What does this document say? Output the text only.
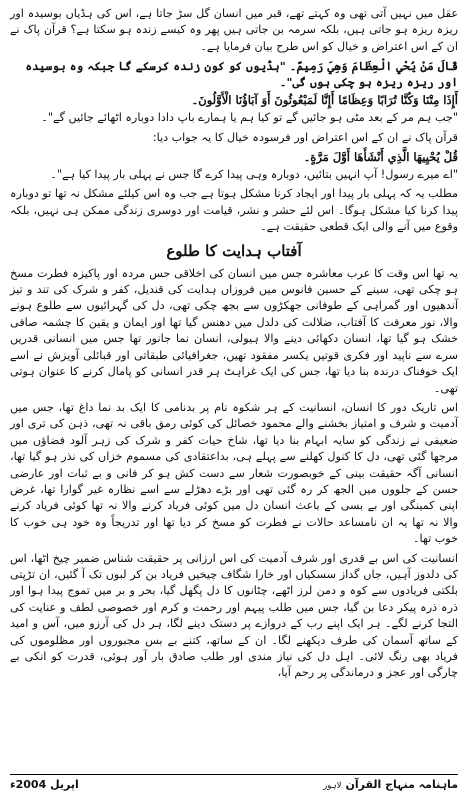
عقل میں نہیں آتی تھی وہ کہتے تھے، قبر میں انسان گل سڑ جاتا ہے، اس کی ہڈیاں بوسیدہ اور ریزہ ریزہ ہو جاتی ہیں، بلکہ سرمہ بن جاتی ہیں پھر وہ کیسے زندہ ہو سکتا ہے؟ قرآن پاک نے ان کے اس اعتراض و خیال کو اس طرح بیان فرمایا ہے۔

قَالَ مَنْ يُحْيِ الْعِظَامَ وَهِيَ رَمِيمٌ۔ "ہڈیوں کو کون زندہ کرسکے گا جبکہ وہ بوسیدہ اور ریزہ ریزہ ہو چکی ہوں گی"۔

أَإِذَا مِتْنَا وَكُنَّا تُرَابًا وَعِظَامًا أَإِنَّا لَمَبْعُوثُونَ أَوَ آبَاؤُنَا الْأَوَّلُونَ۔

"جب ہم مر کے بعد مٹی ہو جائیں گے تو کیا ہم یا ہمارے باپ دادا دوبارہ اٹھائے جائیں گے"۔

قرآن پاک نے ان کے اس اعتراض اور فرسودہ خیال کا یہ جواب دیا:

قُلْ يُحْيِيهَا الَّذِي أَنْشَأَهَا أَوَّلَ مَرَّةٍ۔

"اے میرے رسول! آپ انہیں بتائیں، دوبارہ وہی پیدا کرے گا جس نے پہلی بار پیدا کیا ہے"۔

مطلب یہ کہ پہلی بار پیدا اور ایجاد کرنا مشکل ہوتا ہے جب وہ اس کیلئے مشکل نہ تھا تو دوبارہ پیدا کرنا کیا مشکل ہوگا۔ اس لئے حشر و نشر، قیامت اور دوسری زندگی ممکن ہی نہیں، بلکہ وقوع میں آنے والی ایک قطعی حقیقت ہے۔

آفتاب ہدایت کا طلوع

یہ تھا اس وقت کا عرب معاشرہ جس میں انسان کی اخلاقی حس مردہ اور پاکیزہ فطرت مسخ ہو چکی تھی، سینے کے حسین فانوس میں فروزاں ہدایت کی قندیل، کفر و شرک کی تند و تیز آندھیوں اور گمراہی کے طوفانی جھکڑوں سے بجھ چکی تھی، دل کی گہرائیوں سے طلوع ہونے والا، نور معرفت کا آفتاب، ضلالت کی دلدل میں دھنس گیا تھا اور ایمان و یقین کا چشمہ صافی خشک ہو گیا تھا، انسان دکھائی دینے والا ہیولی، انسان نما جانور تھا جس میں انسانی قدریں سرے سے ناپید اور فکری قوتیں یکسر مفقود تھیں، جغرافیائی طبقاتی اور قبائلی آویزش نے اسے ایک خوفناک درندہ بنا دیا تھا، جس کی ایک غراہٹ ہر قدر انسانی کو پامال کرنے کا عنوان ہوتی تھی۔

اس تاریک دور کا انسان، انسانیت کے ہر شکوہ نام پر بدنامی کا ایک بد نما داغ تھا، جس میں آدمیت و شرف و امتیاز بخشنے والے محمود خصائل کی کوئی رمق باقی نہ تھی، ذہن کی تری اور ضعیفی نے زندگی کو سایہ ابہام بنا دیا تھا، شاخ حیات کفر و شرک کی زہر آلود فضاؤں میں مرجھا گئی تھی، دل کا کنول کھلنے سے پہلے ہی، بداعتقادی کی مسموم خزاں کی نذر ہو گیا تھا، انسانی آگہ حقیقت بینی کے خوبصورت شعار سے دست کش ہو کر فانی و بے ثبات اور عارضی حسن کے جلووں میں الجھ کر رہ گئی تھی اور بڑے دھڑلے سے اسے نظارہ غیر گوارا تھا، غرض اپنی کمینگی اور بے بسی کے باعث انسان دل میں کوئی فریاد کرنے والا نہ تھا کوئی فریاد کرنے والا نہ تھا یہ ان نامساعد حالات نے فطرت کو مسخ کر دیا تھا اور تدریجاً وہ خود ہی خوب کا خوب تھا۔

انسانیت کی اس بے قدری اور شرف آدمیت کی اس ارزانی پر حقیقت شناس ضمیر چیخ اٹھا، اس کی دلدوز آہیں، جاں گداز سسکیاں اور خارا شگاف چیخیں فریاد بن کر لبوں تک آ گئیں، ان تڑپتی بلکتی فریادوں سے کوہ و دمن لرز اٹھے، چٹانوں کا دل پگھل گیا، بحر و بر میں تموج پیدا ہوا اور ذرہ ذرہ پیکر دعا بن گیا، جس میں طلب پیہم اور رحمت و کرم اور خصوصی لطف و عنایت کی التجا کرنے لگے۔ ہر ایک اپنے رب کے دروازے پر دستک دینے لگا، ہر دل کی آرزو میں، آس و امید کے ساتھ آسمان کی طرف دیکھنے لگا۔ ان کے ساتھ، کتنے بے بس مجبوروں اور مظلوموں کی فریاد بھی رنگ لائی۔ اہل دل کی نیاز مندی اور طلب صادق بار آور ہوئی، قدرت کو انکی بے چارگی اور عجز و درماندگی پر رحم آیا،

ماہنامہ منہاج القرآن
لاہور
اپریل 2004ء
